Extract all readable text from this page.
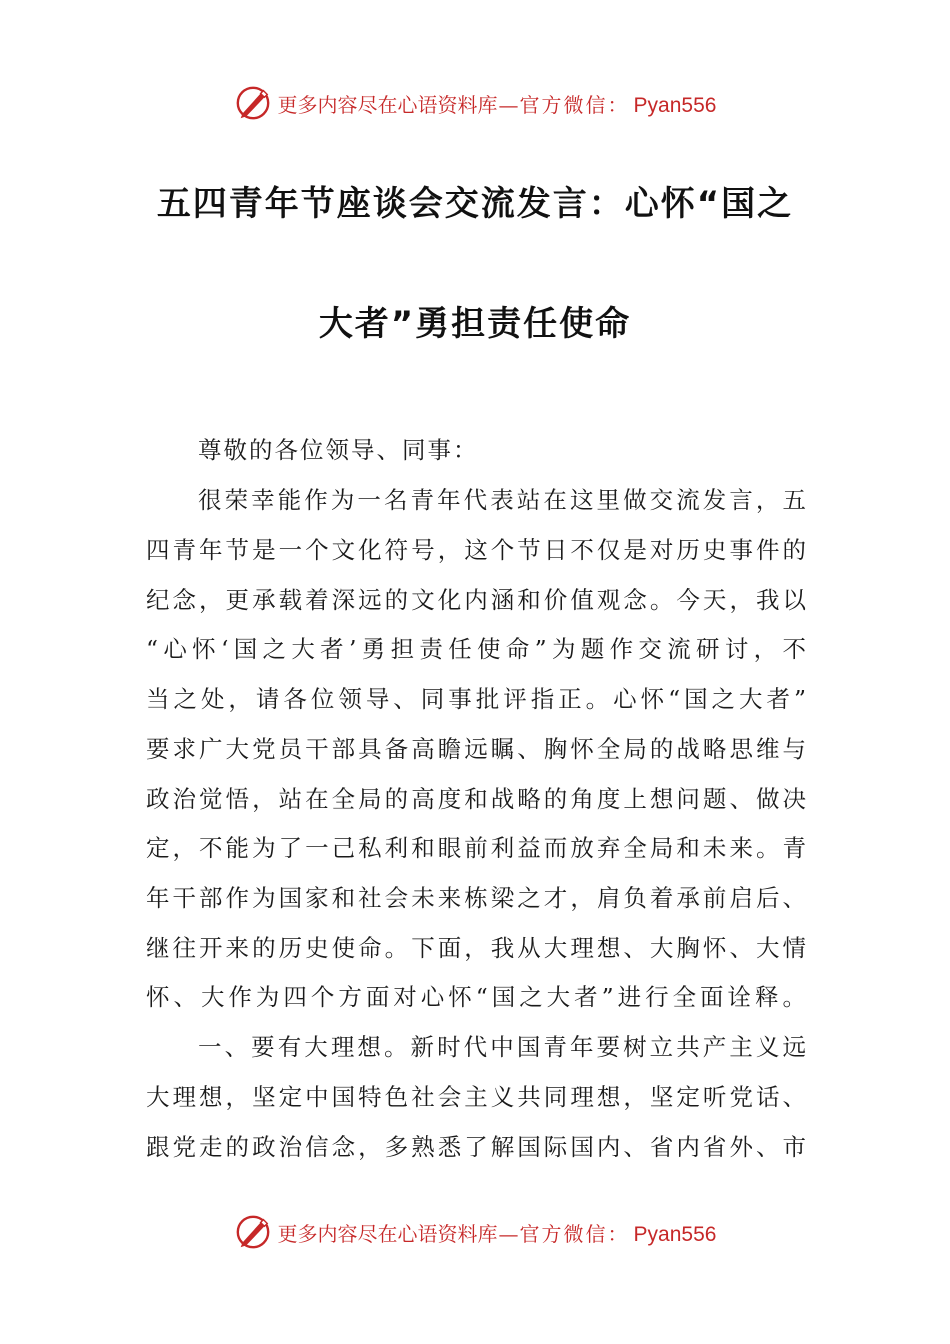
更多内容尽在心语资料库 — 官方微信： Pyan556
五四青年节座谈会交流发言：心怀“国之
大者”勇担责任使命
尊敬的各位领导、同事：
很荣幸能作为一名青年代表站在这里做交流发言，五
四青年节是一个文化符号，这个节日不仅是对历史事件的
纪念，更承载着深远的文化内涵和价值观念。今天，我以
“心怀‘国之大者’勇担责任使命”为题作交流研讨，不
当之处，请各位领导、同事批评指正。心怀“国之大者”
要求广大党员干部具备高瞻远瞩、胸怀全局的战略思维与
政治觉悟，站在全局的高度和战略的角度上想问题、做决
定，不能为了一己私利和眼前利益而放弃全局和未来。青
年干部作为国家和社会未来栋梁之才，肩负着承前启后、
继往开来的历史使命。下面，我从大理想、大胸怀、大情
怀、大作为四个方面对心怀“国之大者”进行全面诠释。
一、要有大理想。新时代中国青年要树立共产主义远
大理想，坚定中国特色社会主义共同理想，坚定听党话、
跟党走的政治信念，多熟悉了解国际国内、省内省外、市
更多内容尽在心语资料库 — 官方微信： Pyan556
